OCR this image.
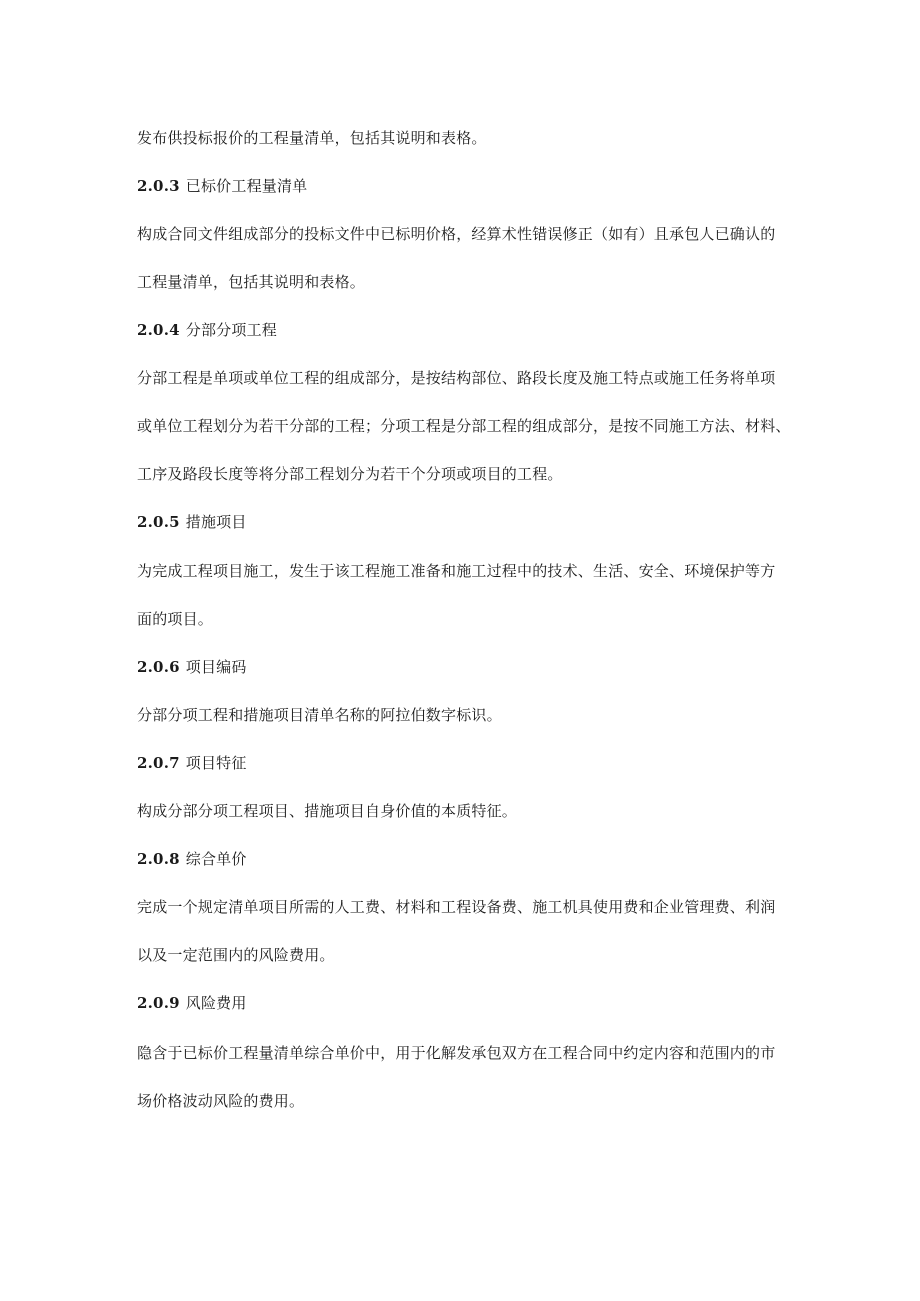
发布供投标报价的工程量清单，包括其说明和表格。
2.0.3 已标价工程量清单
构成合同文件组成部分的投标文件中已标明价格，经算术性错误修正（如有）且承包人已确认的
工程量清单，包括其说明和表格。
2.0.4 分部分项工程
分部工程是单项或单位工程的组成部分，是按结构部位、路段长度及施工特点或施工任务将单项
或单位工程划分为若干分部的工程；分项工程是分部工程的组成部分，是按不同施工方法、材料、
工序及路段长度等将分部工程划分为若干个分项或项目的工程。
2.0.5 措施项目
为完成工程项目施工，发生于该工程施工准备和施工过程中的技术、生活、安全、环境保护等方
面的项目。
2.0.6 项目编码
分部分项工程和措施项目清单名称的阿拉伯数字标识。
2.0.7 项目特征
构成分部分项工程项目、措施项目自身价值的本质特征。
2.0.8 综合单价
完成一个规定清单项目所需的人工费、材料和工程设备费、施工机具使用费和企业管理费、利润
以及一定范围内的风险费用。
2.0.9 风险费用
隐含于已标价工程量清单综合单价中，用于化解发承包双方在工程合同中约定内容和范围内的市
场价格波动风险的费用。
